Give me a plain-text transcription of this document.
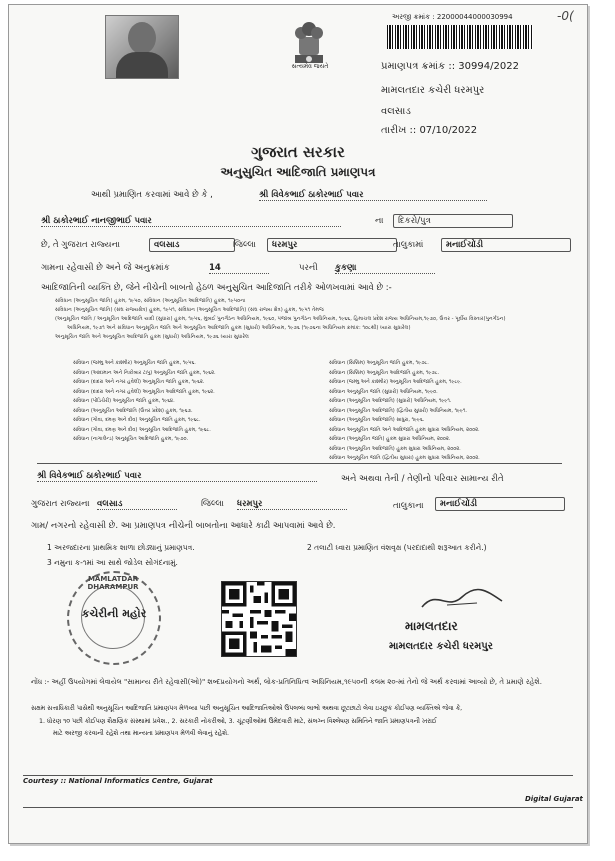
સત્યમેવ જયતે
અરજી ક્રમાંક : 22000044000030994	-0(
પ્રમાણપત્ર ક્રમાંક :: 30994/2022
મામલતદાર કચેરી ધરમપુર
વલસાડ
તારીખ :: 07/10/2022
ગુજરાત સરકાર
અનુસુચિત આદિજાતિ પ્રમાણપત્ર
આથી પ્રમાણિત કરવામાં આવે છે કે ,	શ્રી વિવેકભાઈ ઠાકોરભાઈ પવાર
શ્રી ઠાકોરભાઈ નાનજીભાઈ પવાર	ના	દિકરો/પુત્ર
છે, તે ગુજરાત રાજ્યના	વલસાડ	જિલ્લા	ધરમપુર	તાલુકામાં	મનાઈચોંડી
ગામના રહેવાસી છે અને જે અનુક્રમાંક	14	પરની કુકણા
આદિજાતિની વ્યક્તિ છે, જેને નીચેની બાબતો હેઠળ અનુસુચિત આદિજાતિ તરીકે ઓળખવામાં આવે છે :-
સંવિધાન (અનુસૂચિત જાતિ) હુકમ, ૧૯૫૦, સંવિધાન (અનુસૂચિત આદિજાતિ) હુકમ, ૧૯૫૦ના
સંવિધાન (અનુસૂચિત જાતિ) (સંઘ રાજ્યક્ષેત્ર) હુકમ, ૧૯૫૧, સંવિધાન (અનુસૂચિત આદિજાતિ) (સંઘ રાજ્ય ક્ષેત્ર) હુકમ, ૧૯૫૧ તેમજ
(અનુસૂચિત જાતિ / અનુસૂચિત આદિજાતિ યાદી (સુધારા) હુકમ, ૧૯૫૬, મુંબઈ પુનર્ગઠન અધિનિયમ, ૧૯૬૦, પંજાબ પુનર્ગઠન અધિનિયમ, ૧૯૬૬, હિમાચલ પ્રદેશ રાજ્ય અધિનિયમ,૧૯૭૦, ઉત્તર - પૂર્વીય વિસ્તાર(પુનર્ગઠન)
અધિનિયમ, ૧૯૭૧ અને સંવિધાન અનુસૂચિત જાતિ અને અનુસૂચિત આદિજાતિ હુકમ (સુધારો) અધિનિયમ, ૧૯૭૬ (૧૯૭૬ના અધિનિયમ ક્રમાંક: ૧૦૮થી) ધ્યારા સુધારેલ)
અનુસૂચિત જાતિ અને અનુસૂચિત આદિજાતિ હુકમ (સુધારો) અધિનિયમ, ૧૯૭૬ ધ્યારા સુધારેલ
સંવિધાન (જમ્મુ અને કાશ્મીર) અનુસૂચિત જાતિ હુકમ, ૧૯૫૬.
સંવિધાન (આંદામાન અને નિકોબાર ટાપુ) અનુસૂચિત જાતિ હુકમ, ૧૯૬૨.
સંવિધાન (દાદરા અને નગર હવેલી) અનુસૂચિત જાતિ હુકમ, ૧૯૬૨.
સંવિધાન (દાદરા અને નગર હવેલી) અનુસૂચિત આદિજાતિ હુકમ, ૧૯૬૨.
સંવિધાન (પોંડિચેરી) અનુસૂચિત જાતિ હુકમ, ૧૯૬૪.
સંવિધાન (અનુસૂચિત આદિજાતિ (ઉત્તર પ્રદેશ) હુકમ, ૧૯૬૭.
સંવિધાન (ગોવા, દમણ અને દીવ) અનુસૂચિત જાતિ હુકમ, ૧૯૬૮.
સંવિધાન (ગોવા, દમણ અને દીવ) અનુસૂચિત આદિજાતિ હુકમ, ૧૯૬૮.
સંવિધાન (નાગાલેન્ડ) અનુસૂચિત આદિજાતિ હુકમ, ૧૯૭૦.
સંવિધાન (સિક્કિમ) અનુસૂચિત જાતિ હુકમ, ૧૯૭૮.
સંવિધાન (સિક્કિમ) અનુસૂચિત આદિજાતિ હુકમ, ૧૯૭૮.
સંવિધાન (જમ્મુ અને કાશ્મીર) અનુસૂચિત આદિજાતિ હુકમ, ૧૯૮૯.
સંવિધાન અનુસૂચિત જાતિ (સુધારો) અધિનિયમ, ૧૯૯૦.
સંવિધાન (અનુસૂચિત આદિજાતિ) (સુધારો) અધિનિયમ, ૧૯૯૧.
સંવિધાન (અનુસૂચિત આદિજાતિ) (દ્વિતીય સુધારો) અધિનિયમ, ૧૯૯૧.
સંવિધાન (અનુસૂચિત આદિજાતિ) સાધુરા, ૧૯૯૬.
સંવિધાન અનુસૂચિત જાતિ અને આદિજાતિ હુકમ સુધારા અધિનિયમ, ૨૦૦૨.
સંવિધાન (અનુસૂચિત જાતિ) હુકમ સુધારા અધિનિયમ, ૨૦૦૨.
સંવિધાન (અનુસૂચિત આદિજાતિ) હુકમ સુધારા અધિનિયમ, ૨૦૦૨.
સંવિધાન અનુસૂચિત જાતિ (દ્વિતીય સુધારા) હુકમ સુધારા અધિનિયમ, ૨૦૦૨.
શ્રી વિવેકભાઈ ઠાકોરભાઈ પવાર	અને અથવા તેની / તેણીનો પરિવાર સામાન્ય રીતે
ગુજરાત રાજ્યના વલસાડ	જિલ્લા ધરમપુર	તાલુકાના	મનાઈચોંડી
ગામ/ નગરનો રહેવાસી છે. આ પ્રમાણપત્ર નીચેની બાબતોના આધારે કાઢી આપવામાં આવે છે.
1 અરજદારના પ્રાથમિક શાળા છોડ્યાનું પ્રમાણપત્ર.	2 તલાટી ધ્વારા પ્રમાણિત વંશવૃક્ષ (પરદાદાથી શરૂઆત કરીને.)
3 નમુના ક-૧માં આ સાથે જોડેલ સોગંદનામું.
MAMLATDAR DHARAMPUR
કચેરીની મહોર
મામલતદાર
મામલતદાર કચેરી ધરમપુર
નોંધ :- અહીં ઉપયોગમાં લેવાયેલ "સામાન્ય રીતે રહેવાસી(ઓ)" શબ્દપ્રયોગનો અર્થ, લોક-પ્રતિનિધિત્વ અધિનિયમ,૧૯૫૦ની કલમ ૨૦-માં તેનો જે અર્થ કરવામાં આવ્યો છે, તે પ્રમાણે રહેશે.
સક્ષમ સત્તાધિકારી પાસેથી અનુસૂચિત આદિજાતિ પ્રમાણપત્ર મેળવ્યા પછી અનુસૂચિત આદિજાતિઓએ ઉપલબ્ધ લાભો અથવા છૂટછાટો લેવા ઇચ્છુક કોઈપણ વ્યક્તિએ જેવા કે,
1. ધોરણ ૧૦ પછી કોઈપણ શૈક્ષણિક સંસ્થામાં પ્રવેશ., 2. સરકારી નોકરીઓ, 3. ચૂંટણીઓમાં ઉમેદવારી માટે, સંલગ્ન વિશ્લેષણ સમિતિને જાતિ પ્રમાણપત્રની ખરાઈ
માટે અરજી કરવાની રહેશે તથા માન્યતા પ્રમાણપત્ર મેળવી લેવાનું રહેશે.
Courtesy :: National Informatics Centre, Gujarat
Digital Gujarat
